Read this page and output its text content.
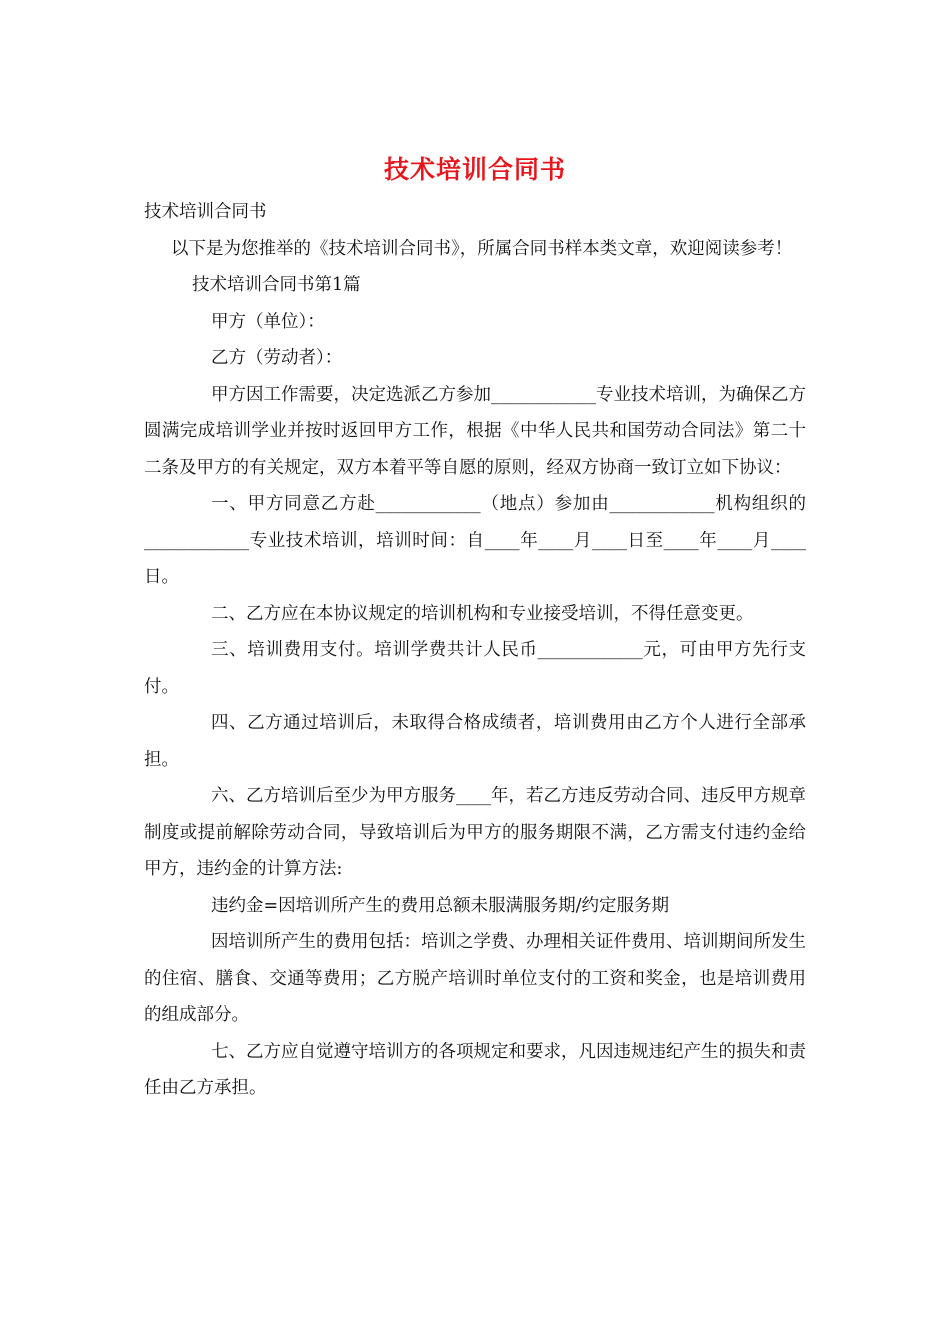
技术培训合同书

技术培训合同书

以下是为您推举的《技术培训合同书》，所属合同书样本类文章，欢迎阅读参考！

技术培训合同书第1篇

甲方（单位）：

乙方（劳动者）：

甲方因工作需要，决定选派乙方参加____________专业技术培训，为确保乙方圆满完成培训学业并按时返回甲方工作，根据《中华人民共和国劳动合同法》第二十二条及甲方的有关规定，双方本着平等自愿的原则，经双方协商一致订立如下协议：

一、甲方同意乙方赴____________（地点）参加由____________机构组织的____________专业技术培训，培训时间：自____年____月____日至____年____月____日。

二、乙方应在本协议规定的培训机构和专业接受培训，不得任意变更。

三、培训费用支付。培训学费共计人民币____________元，可由甲方先行支付。

四、乙方通过培训后，未取得合格成绩者，培训费用由乙方个人进行全部承担。

六、乙方培训后至少为甲方服务____年，若乙方违反劳动合同、违反甲方规章制度或提前解除劳动合同，导致培训后为甲方的服务期限不满，乙方需支付违约金给甲方，违约金的计算方法:

违约金=因培训所产生的费用总额未服满服务期/约定服务期

因培训所产生的费用包括：培训之学费、办理相关证件费用、培训期间所发生的住宿、膳食、交通等费用；乙方脱产培训时单位支付的工资和奖金，也是培训费用的组成部分。

七、乙方应自觉遵守培训方的各项规定和要求，凡因违规违纪产生的损失和责任由乙方承担。
